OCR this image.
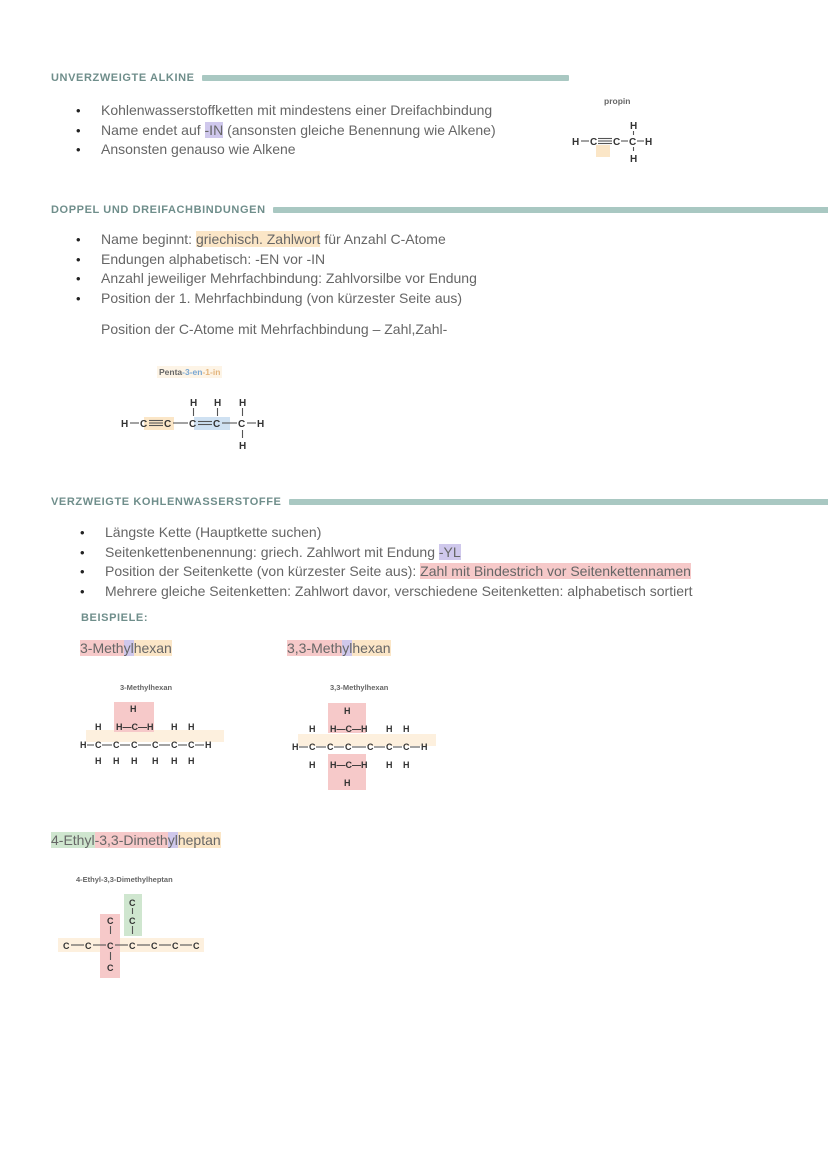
UNVERZWEIGTE ALKINE
• Kohlenwasserstoffketten mit mindestens einer Dreifachbindung
• Name endet auf -IN (ansonsten gleiche Benennung wie Alkene)
• Ansonsten genauso wie Alkene
propin
H C C C H
H
H
DOPPEL UND DREIFACHBINDUNGEN
• Name beginnt: griechisch. Zahlwort für Anzahl C-Atome
• Endungen alphabetisch: -EN vor -IN
• Anzahl jeweiliger Mehrfachbindung: Zahlvorsilbe vor Endung
• Position der 1. Mehrfachbindung (von kürzester Seite aus)
Position der C-Atome mit Mehrfachbindung – Zahl,Zahl-
Penta-3-en-1-in
H C C C C C H
H H H
H
VERZWEIGTE KOHLENWASSERSTOFFE
• Längste Kette (Hauptkette suchen)
• Seitenkettenbenennung: griech. Zahlwort mit Endung -YL
• Position der Seitenkette (von kürzester Seite aus): Zahl mit Bindestrich vor Seitenkettennamen
• Mehrere gleiche Seitenketten: Zahlwort davor, verschiedene Seitenketten: alphabetisch sortiert
BEISPIELE:
3-Methylhexan
3-Methylhexan
H
H H—C—H H H
H C C C C C C H
H H H H H H
3,3-Methylhexan
3,3-Methylhexan
H
H H—C—H H H
H C C C C C C H
H H—C—H H H
H
4-Ethyl-3,3-Dimethylheptan
4-Ethyl-3,3-Dimethylheptan
C
C
C
C C C C C C C
C
